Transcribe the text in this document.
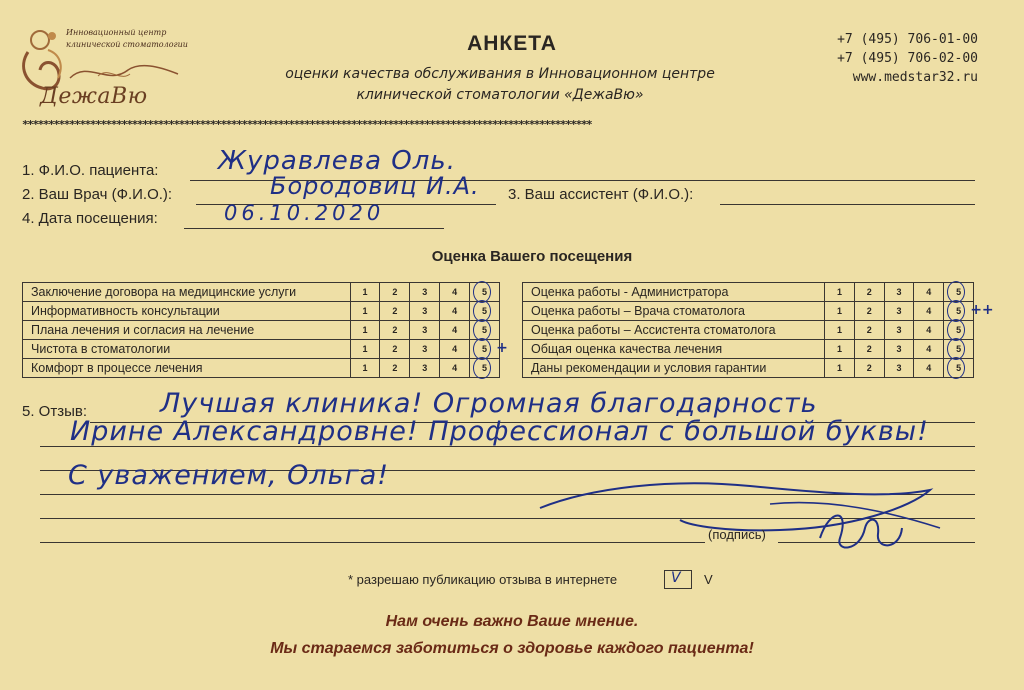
Инновационный центр
клинической стоматологии
ДежаВю
АНКЕТА
оценки качества обслуживания в Инновационном центре
клинической стоматологии «ДежаВю»
+7 (495) 706-01-00
+7 (495) 706-02-00
www.medstar32.ru
*************************************************************************************************************
1. Ф.И.О. пациента: Журавлева Оль.
2. Ваш Врач (Ф.И.О.):	Бородовиц И.А. 3. Ваш ассистент (Ф.И.О.):
4. Дата посещения:	06.10.2020
Оценка Вашего посещения
Заключение договора на медицинские услуги	1	2	3	4	5
Информативность консультации	1	2	3	4	5
Плана лечения и согласия на лечение	1	2	3	4	5
Чистота в стоматологии	1	2	3	4	5 +

Комфорт в процессе лечения	1	2	3	4	5
Оценка работы - Администратора	1	2	3	4	5
Оценка работы – Врача стоматолога	1	2	3	4	5 ++

Оценка работы – Ассистента стоматолога	1	2	3	4	5
Общая оценка качества лечения	1	2	3	4	5
Даны рекомендации и условия гарантии	1	2	3	4	5
5. Отзыв:	Лучшая клиника! Огромная благодарность
Ирине Александровне! Профессионал с большой буквы!
С уважением, Ольга!
(подпись)
* разрешаю публикацию отзыва в интернете	V V
Нам очень важно Ваше мнение.
Мы стараемся заботиться о здоровье каждого пациента!
